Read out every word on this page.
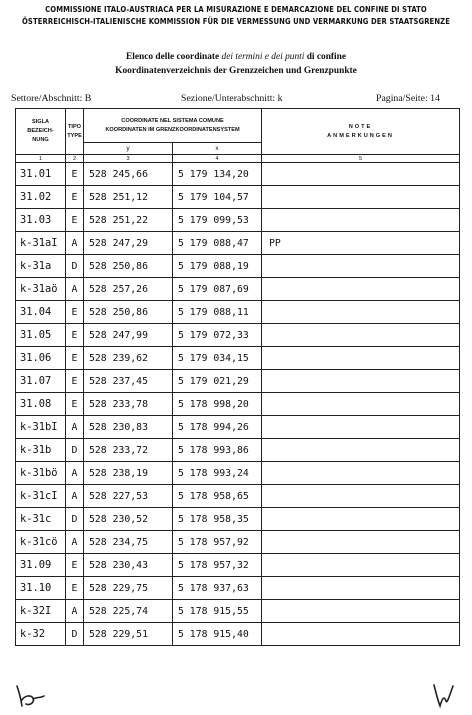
COMMISSIONE ITALO-AUSTRIACA PER LA MISURAZIONE E DEMARCAZIONE DEL CONFINE DI STATO
ÖSTERREICHISCH-ITALIENISCHE KOMMISSION FÜR DIE VERMESSUNG UND VERMARKUNG DER STAATSGRENZE
Elenco delle coordinate dei termini e dei punti di confine
Koordinatenverzeichnis der Grenzzeichen und Grenzpunkte
Settore/Abschnitt: B	Sezione/Unterabschnitt: k	Pagina/Seite: 14
SIGLA
BEZEICH-
NUNG	TIPO
TYPE	COORDINATE NEL SISTEMA COMUNE
KOORDINATEN IM GRENZKOORDINATENSYSTEM		NOTE
ANMERKUNGEN
		y	x	
1	2	3	4	5
31.01	E	528 245,66	5 179 134,20	
31.02	E	528 251,12	5 179 104,57	
31.03	E	528 251,22	5 179 099,53	
k-31aI	A	528 247,29	5 179 088,47	PP
k-31a	D	528 250,86	5 179 088,19	
k-31aö	A	528 257,26	5 179 087,69	
31.04	E	528 250,86	5 179 088,11	
31.05	E	528 247,99	5 179 072,33	
31.06	E	528 239,62	5 179 034,15	
31.07	E	528 237,45	5 179 021,29	
31.08	E	528 233,78	5 178 998,20	
k-31bI	A	528 230,83	5 178 994,26	
k-31b	D	528 233,72	5 178 993,86	
k-31bö	A	528 238,19	5 178 993,24	
k-31cI	A	528 227,53	5 178 958,65	
k-31c	D	528 230,52	5 178 958,35	
k-31cö	A	528 234,75	5 178 957,92	
31.09	E	528 230,43	5 178 957,32	
31.10	E	528 229,75	5 178 937,63	
k-32I	A	528 225,74	5 178 915,55	
k-32	D	528 229,51	5 178 915,40	
